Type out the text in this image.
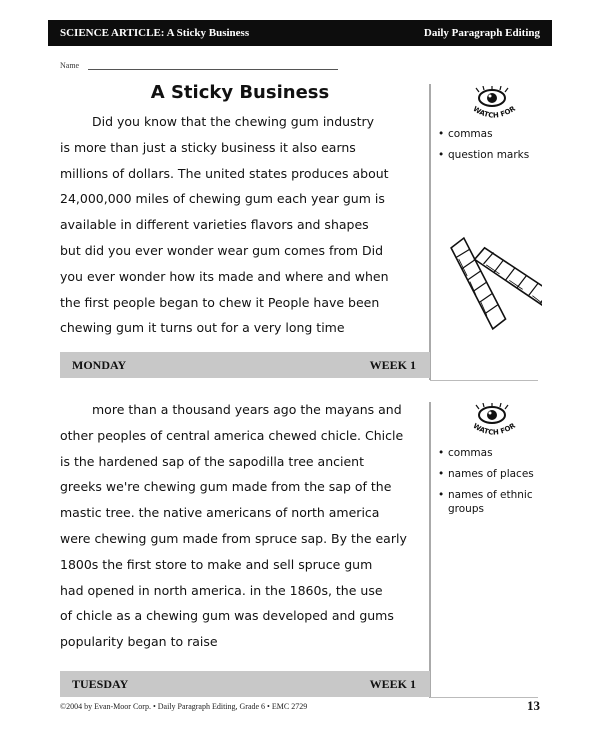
SCIENCE ARTICLE: A Sticky Business	Daily Paragraph Editing
Name
A Sticky Business
Did you know that the chewing gum industry
is more than just a sticky business it also earns
millions of dollars. The united states produces about
24,000,000 miles of chewing gum each year gum is
available in different varieties flavors and shapes
but did you ever wonder wear gum comes from Did
you ever wonder how its made and where and when
the first people began to chew it People have been
chewing gum it turns out for a very long time
MONDAY	WEEK 1
WATCH FOR
• commas
• question marks
more than a thousand years ago the mayans and
other peoples of central america chewed chicle. Chicle
is the hardened sap of the sapodilla tree ancient
greeks we're chewing gum made from the sap of the
mastic tree. the native americans of north america
were chewing gum made from spruce sap. By the early
1800s the first store to make and sell spruce gum
had opened in north america. in the 1860s, the use
of chicle as a chewing gum was developed and gums
popularity began to raise
TUESDAY	WEEK 1
WATCH FOR
• commas
• names of places
• names of ethnic groups
©2004 by Evan-Moor Corp. • Daily Paragraph Editing, Grade 6 • EMC 2729	13
